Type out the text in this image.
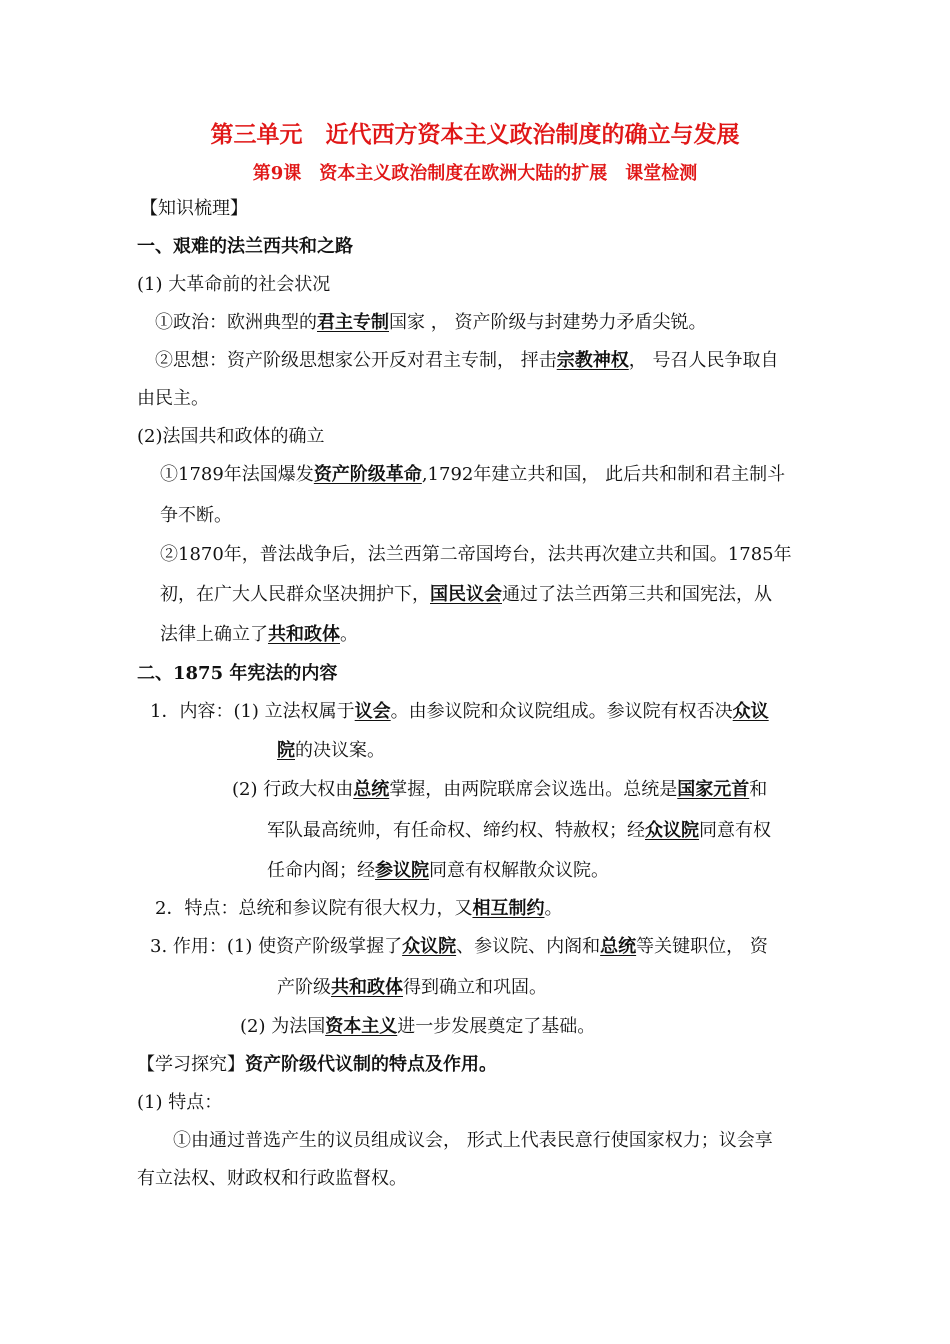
第三单元　近代西方资本主义政治制度的确立与发展
第9课　资本主义政治制度在欧洲大陆的扩展　课堂检测
【知识梳理】
一、艰难的法兰西共和之路
(1) 大革命前的社会状况
①政治：欧洲典型的君主专制国家 ， 资产阶级与封建势力矛盾尖锐。
②思想：资产阶级思想家公开反对君主专制， 抨击宗教神权， 号召人民争取自
由民主。
(2)法国共和政体的确立
①1789年法国爆发资产阶级革命,1792年建立共和国， 此后共和制和君主制斗
争不断。
②1870年，普法战争后，法兰西第二帝国垮台，法共再次建立共和国。1785年
初，在广大人民群众坚决拥护下，国民议会通过了法兰西第三共和国宪法，从
法律上确立了共和政体。
二、1875 年宪法的内容
1．内容：(1) 立法权属于议会。由参议院和众议院组成。参议院有权否决众议
院的决议案。
(2) 行政大权由总统掌握，由两院联席会议选出。总统是国家元首和
军队最高统帅，有任命权、缔约权、特赦权；经众议院同意有权
任命内阁；经参议院同意有权解散众议院。
2．特点：总统和参议院有很大权力，又相互制约。
3. 作用：(1) 使资产阶级掌握了众议院、参议院、内阁和总统等关键职位， 资
产阶级共和政体得到确立和巩固。
(2) 为法国资本主义进一步发展奠定了基础。
【学习探究】资产阶级代议制的特点及作用。
(1) 特点：
①由通过普选产生的议员组成议会， 形式上代表民意行使国家权力；议会享
有立法权、财政权和行政监督权。
